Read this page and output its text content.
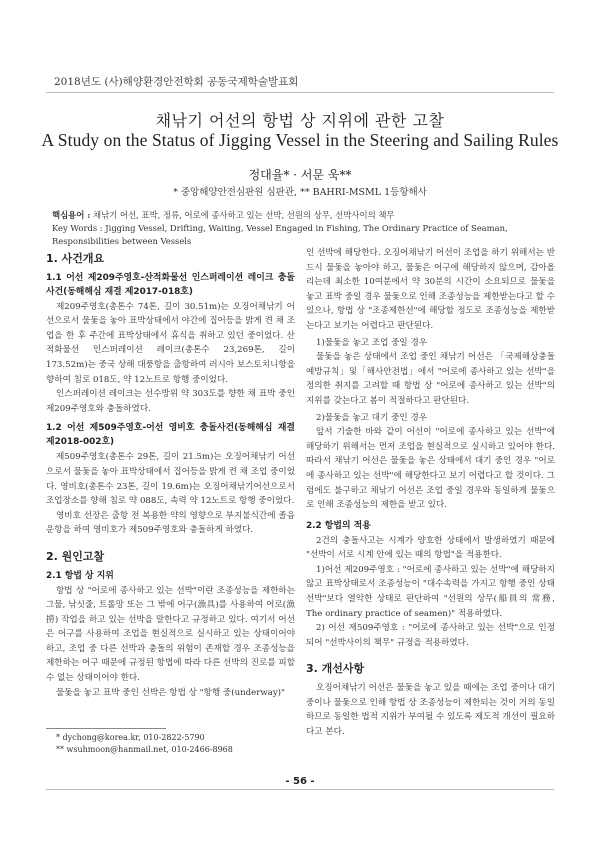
2018년도 (사)해양환경안전학회 공동국제학술발표회
채낚기 어선의 항법 상 지위에 관한 고찰
A Study on the Status of Jigging Vessel in the Steering and Sailing Rules
정대율* · 서문 욱**
* 중앙해양안전심판원 심판관, ** BAHRI-MSML 1등항해사
핵심용어 : 채낚기 어선, 표박, 정류, 어로에 종사하고 있는 선박, 선원의 상무, 선박사이의 책무
Key Words : Jigging Vessel, Drifting, Waiting, Vessel Engaged in Fishing, The Ordinary Practice of Seaman, Responsibilities between Vessels
1. 사건개요
1.1 어선 제209주영호-산적화물선 인스퍼레이션 레이크 충돌사건(동해해심 재결 제2017-018호)

제209주영호(총톤수 74톤, 길이 30.51m)는 오징어채낚기 어선으로서 물돛을 놓아 표박상태에서 야간에 집어등을 밝게 켠 채 조업을 한 후 주간에 표박상태에서 휴식을 취하고 있던 중이었다. 산적화물선 인스퍼레이션 레이크(총톤수 23,269톤, 길이 173.52m)는 중국 상해 대풍항을 출항하여 러시아 보스토치니항을 향하여 침로 018도, 약 12노트로 항행 중이었다.

인스퍼레이션 레이크는 선수방위 약 303도를 향한 채 표박 중인 제209주영호와 충돌하였다.

1.2 어선 제509주영호-어선 영비호 충돌사건(동해해심 재결 제2018-002호)

제509주영호(총톤수 29톤, 길이 21.5m)는 오징어채낚기 어선으로서 물돛을 놓아 표박상태에서 집어등을 밝게 켠 채 조업 중이었다. 영비호(총톤수 23톤, 길이 19.6m)는 오징어채낚기어선으로서 조업장소를 향해 침로 약 088도, 속력 약 12노트로 항행 중이었다.

영비호 선장은 출항 전 복용한 약의 영향으로 부지불식간에 졸음운항을 하여 영비호가 제509주영호와 충돌하게 하였다.

2. 원인고찰
2.1 항법 상 지위

항법 상 "어로에 종사하고 있는 선박"이란 조종성능을 제한하는 그물, 낚싯줄, 트롤망 또는 그 밖에 어구(漁具)를 사용하여 어로(漁撈) 작업을 하고 있는 선박을 말한다고 규정하고 있다. 여기서 어선은 어구를 사용하여 조업을 현실적으로 실시하고 있는 상태이어야 하고, 조업 중 다른 선박과 충돌의 위험이 존재할 경우 조종성능을 제한하는 어구 때문에 규정된 항법에 따라 다른 선박의 진로를 피할 수 없는 상태이어야 한다.

물돛을 놓고 표박 중인 선박은 항법 상 "항행 중(underway)"

* dychong@korea.kr, 010-2822-5790
** wsuhmoon@hanmail.net, 010-2466-8968

인 선박에 해당한다. 오징어채낚기 어선이 조업을 하기 위해서는 반드시 물돛을 놓아야 하고, 물돛은 어구에 해당하지 않으며, 감아올리는데 최소한 10여분에서 약 30분의 시간이 소요되므로 물돛을 놓고 표박 중일 경우 물돛으로 인해 조종성능을 제한받는다고 할 수 있으나, 항법 상 "조종제한선"에 해당할 정도로 조종성능을 제한받는다고 보기는 어렵다고 판단된다.

1)물돛을 놓고 조업 중일 경우

물돛을 놓은 상태에서 조업 중인 채낚기 어선은 「국제해상충돌예방규칙」및「해사안전법」에서 "어로에 종사하고 있는 선박"을 정의한 취지를 고려할 때 항법 상 "어로에 종사하고 있는 선박"의 지위를 갖는다고 봄이 적절하다고 판단된다.

2)물돛을 놓고 대기 중인 경우

앞서 기술한 바와 같이 어선이 "어로에 종사하고 있는 선박"에 해당하기 위해서는 먼저 조업을 현실적으로 실시하고 있어야 한다. 따라서 채낚기 어선은 물돛을 놓은 상태에서 대기 중인 경우 "어로에 종사하고 있는 선박"에 해당한다고 보기 어렵다고 할 것이다. 그럼에도 불구하고 채낚기 어선은 조업 중일 경우와 동일하게 물돛으로 인해 조종성능의 제한을 받고 있다.

2.2 항법의 적용

2건의 충돌사고는 시계가 양호한 상태에서 발생하였기 때문에 "선박이 서로 시계 안에 있는 때의 항법"을 적용한다.

1)어선 제209주영호 : "어로에 종사하고 있는 선박"에 해당하지 않고 표박상태로서 조종성능이 "대수속력을 가지고 항행 중인 상태선박"보다 열악한 상태로 판단하여 "선원의 상무(船員의 常務, The ordinary practice of seamen)" 적용하였다.

2) 어선 제509주영호 : "어로에 종사하고 있는 선박"으로 인정되어 "선박사이의 책무" 규정을 적용하였다.

3. 개선사항

오징어채낚기 어선은 물돛을 놓고 있을 때에는 조업 중이나 대기 중이나 물돛으로 인해 항법 상 조종성능이 제한되는 것이 거의 동일하므로 동일한 법적 지위가 부여될 수 있도록 제도적 개선이 필요하다고 본다.

- 56 -
